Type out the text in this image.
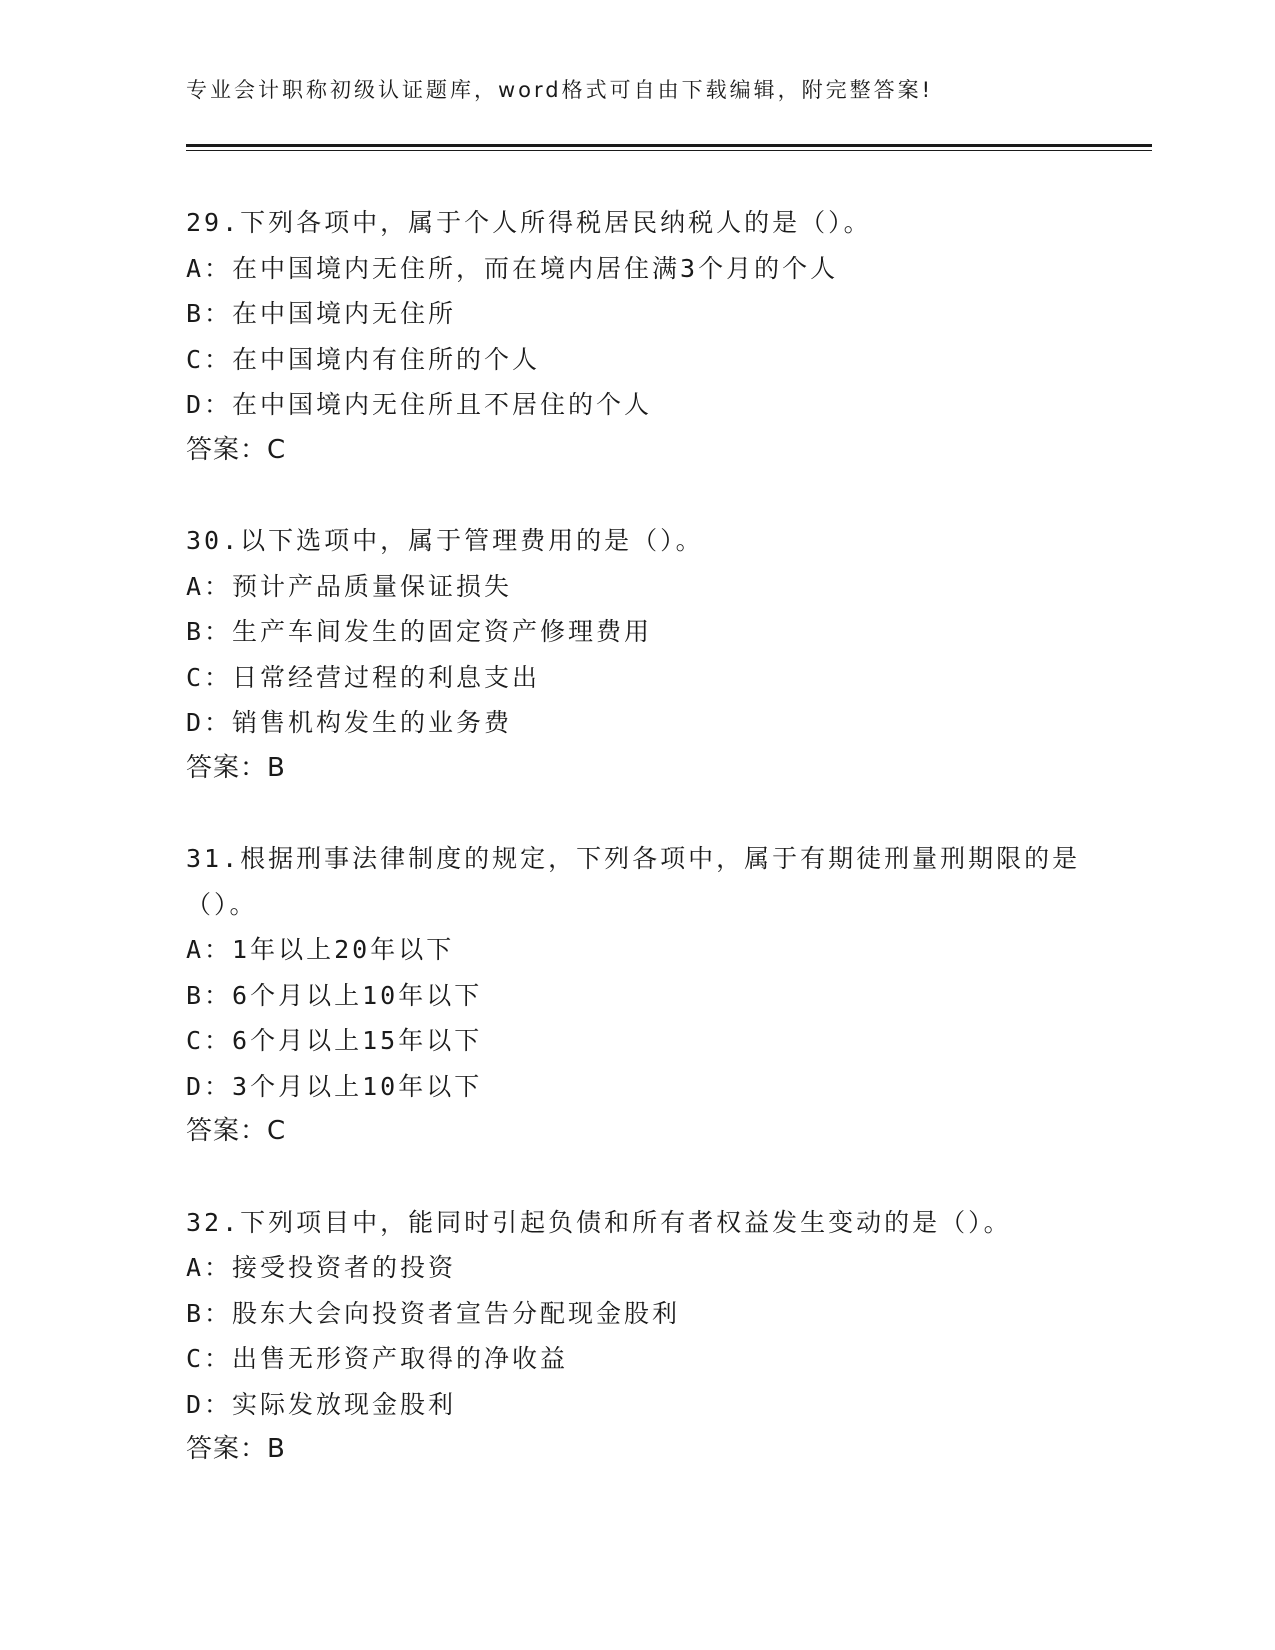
专业会计职称初级认证题库，word格式可自由下载编辑，附完整答案!

29.下列各项中，属于个人所得税居民纳税人的是（）。

A：在中国境内无住所，而在境内居住满3个月的个人

B：在中国境内无住所

C：在中国境内有住所的个人

D：在中国境内无住所且不居住的个人

答案：C

30.以下选项中，属于管理费用的是（）。

A：预计产品质量保证损失

B：生产车间发生的固定资产修理费用

C：日常经营过程的利息支出

D：销售机构发生的业务费

答案：B

31.根据刑事法律制度的规定，下列各项中，属于有期徒刑量刑期限的是（）。

A：1年以上20年以下

B：6个月以上10年以下

C：6个月以上15年以下

D：3个月以上10年以下

答案：C

32.下列项目中，能同时引起负债和所有者权益发生变动的是（）。

A：接受投资者的投资

B：股东大会向投资者宣告分配现金股利

C：出售无形资产取得的净收益

D：实际发放现金股利

答案：B
